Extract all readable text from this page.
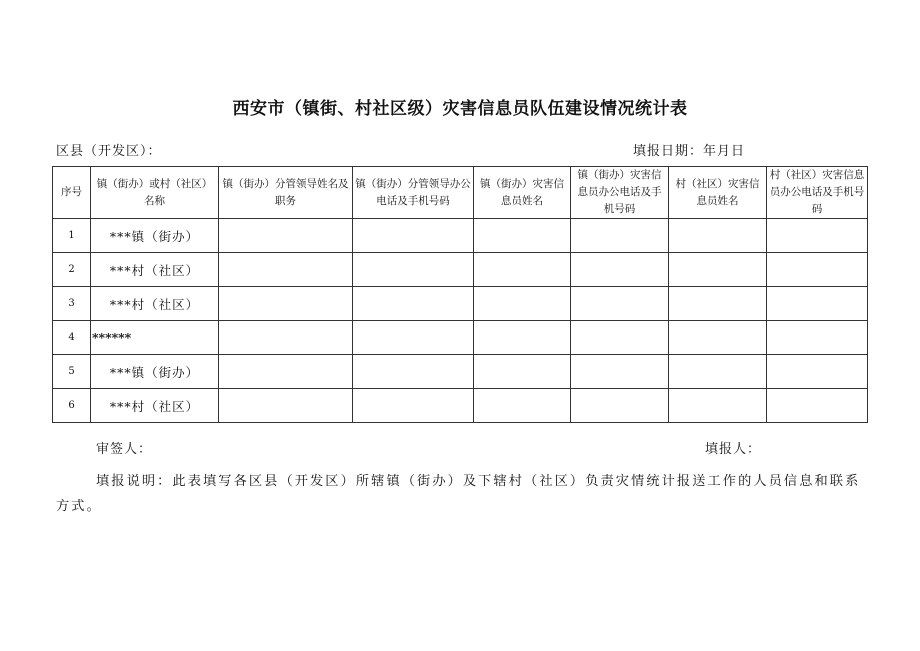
西安市（镇街、村社区级）灾害信息员队伍建设情况统计表
区县（开发区）：	填报日期：年月日
序号	镇（街办）或村（社区）名称	镇（街办）分管领导姓名及职务	镇（街办）分管领导办公电话及手机号码	镇（街办）灾害信息员姓名	镇（街办）灾害信息员办公电话及手机号码	村（社区）灾害信息员姓名	村（社区）灾害信息员办公电话及手机号码
1	***镇（街办）						
2	***村（社区）						
3	***村（社区）						
4	******						
5	***镇（街办）						
6	***村（社区）						
审签人：	填报人：
填报说明：此表填写各区县（开发区）所辖镇（街办）及下辖村（社区）负责灾情统计报送工作的人员信息和联系方式。
